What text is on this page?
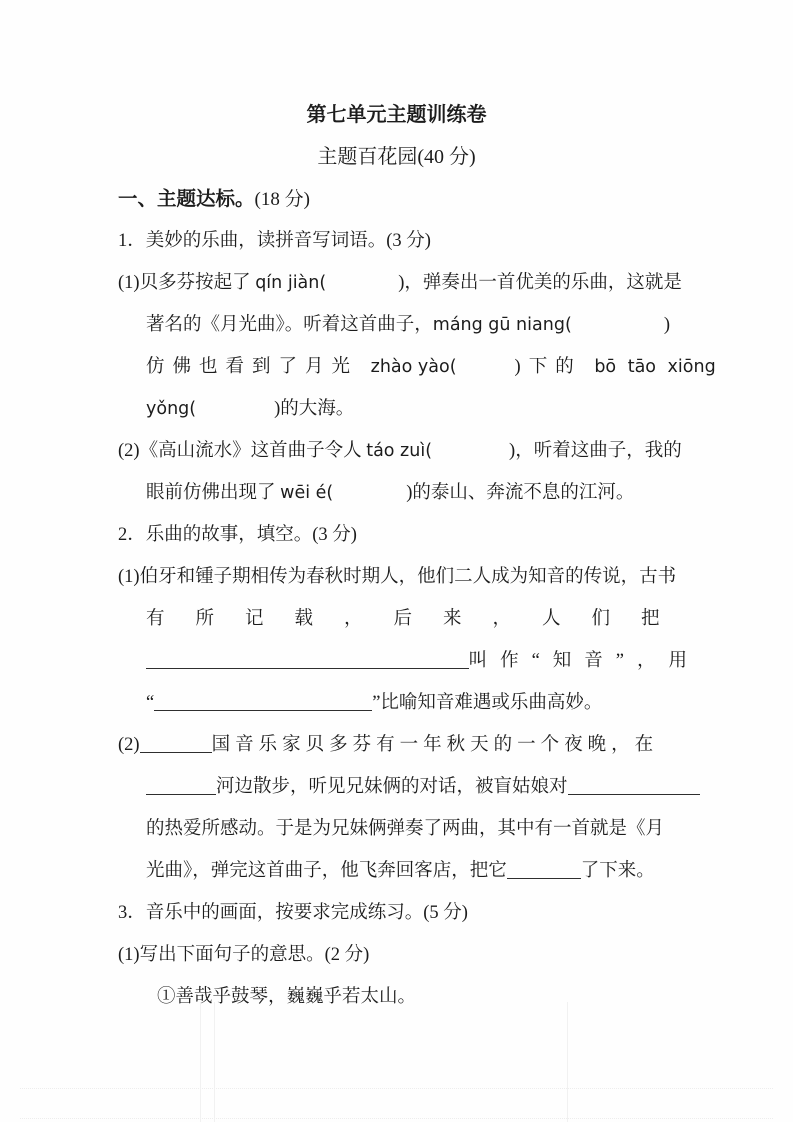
第七单元主题训练卷
主题百花园(40 分)
一、主题达标。(18 分)
1．美妙的乐曲，读拼音写词语。(3 分)
(1)贝多芬按起了 qín jiàn(	)，弹奏出一首优美的乐曲，这就是
著名的《月光曲》。听着这首曲子， máng gū niang(	)
仿佛也看到了月光 zhào yào(	)下的 bō tāo xiōng
yǒng(	)的大海。
(2)《高山流水》这首曲子令人 táo zuì(	)，听着这曲子，我的
眼前仿佛出现了 wēi é(	)的泰山、奔流不息的江河。
2．乐曲的故事，填空。(3 分)
(1)伯牙和锺子期相传为春秋时期人，他们二人成为知音的传说，古书
有所记载，后来，人们把
叫作“知音”，用
“	”比喻知音难遇或乐曲高妙。
(2)	国音乐家贝多芬有一年秋天的一个夜晚，在
河边散步，听见兄妹俩的对话，被盲姑娘对
的热爱所感动。于是为兄妹俩弹奏了两曲，其中有一首就是《月
光曲》，弹完这首曲子，他飞奔回客店，把它	了下来。
3．音乐中的画面，按要求完成练习。(5 分)
(1)写出下面句子的意思。(2 分)
①善哉乎鼓琴，巍巍乎若太山。
